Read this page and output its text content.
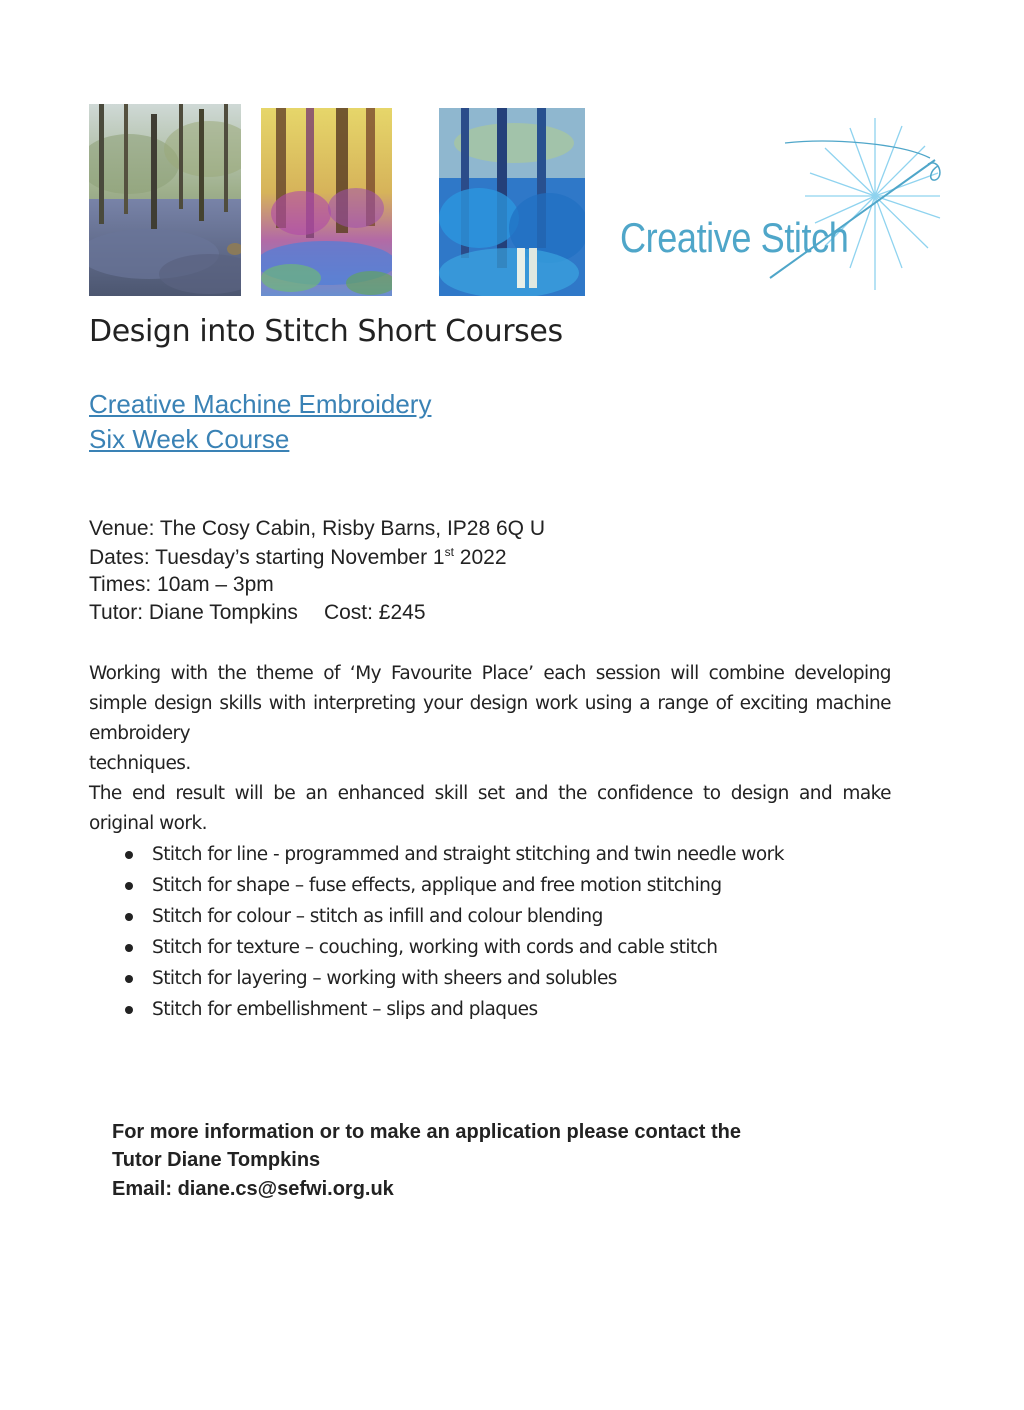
Creative Stitch
Design into Stitch Short Courses
Creative Machine Embroidery
Six Week Course
Venue: The Cosy Cabin, Risby Barns, IP28 6Q U
Dates: Tuesday’s starting November 1st 2022
Times: 10am – 3pm
Tutor: Diane Tompkins Cost: £245
Working with the theme of ‘My Favourite Place’ each session will combine developing
simple design skills with interpreting your design work using a range of exciting machine
embroidery
techniques.
The end result will be an enhanced skill set and the confidence to design and make
original work.
Stitch for line - programmed and straight stitching and twin needle work
Stitch for shape – fuse effects, applique and free motion stitching
Stitch for colour – stitch as infill and colour blending
Stitch for texture – couching, working with cords and cable stitch
Stitch for layering – working with sheers and solubles
Stitch for embellishment – slips and plaques
For more information or to make an application please contact the
Tutor Diane Tompkins
Email: diane.cs@sefwi.org.uk
